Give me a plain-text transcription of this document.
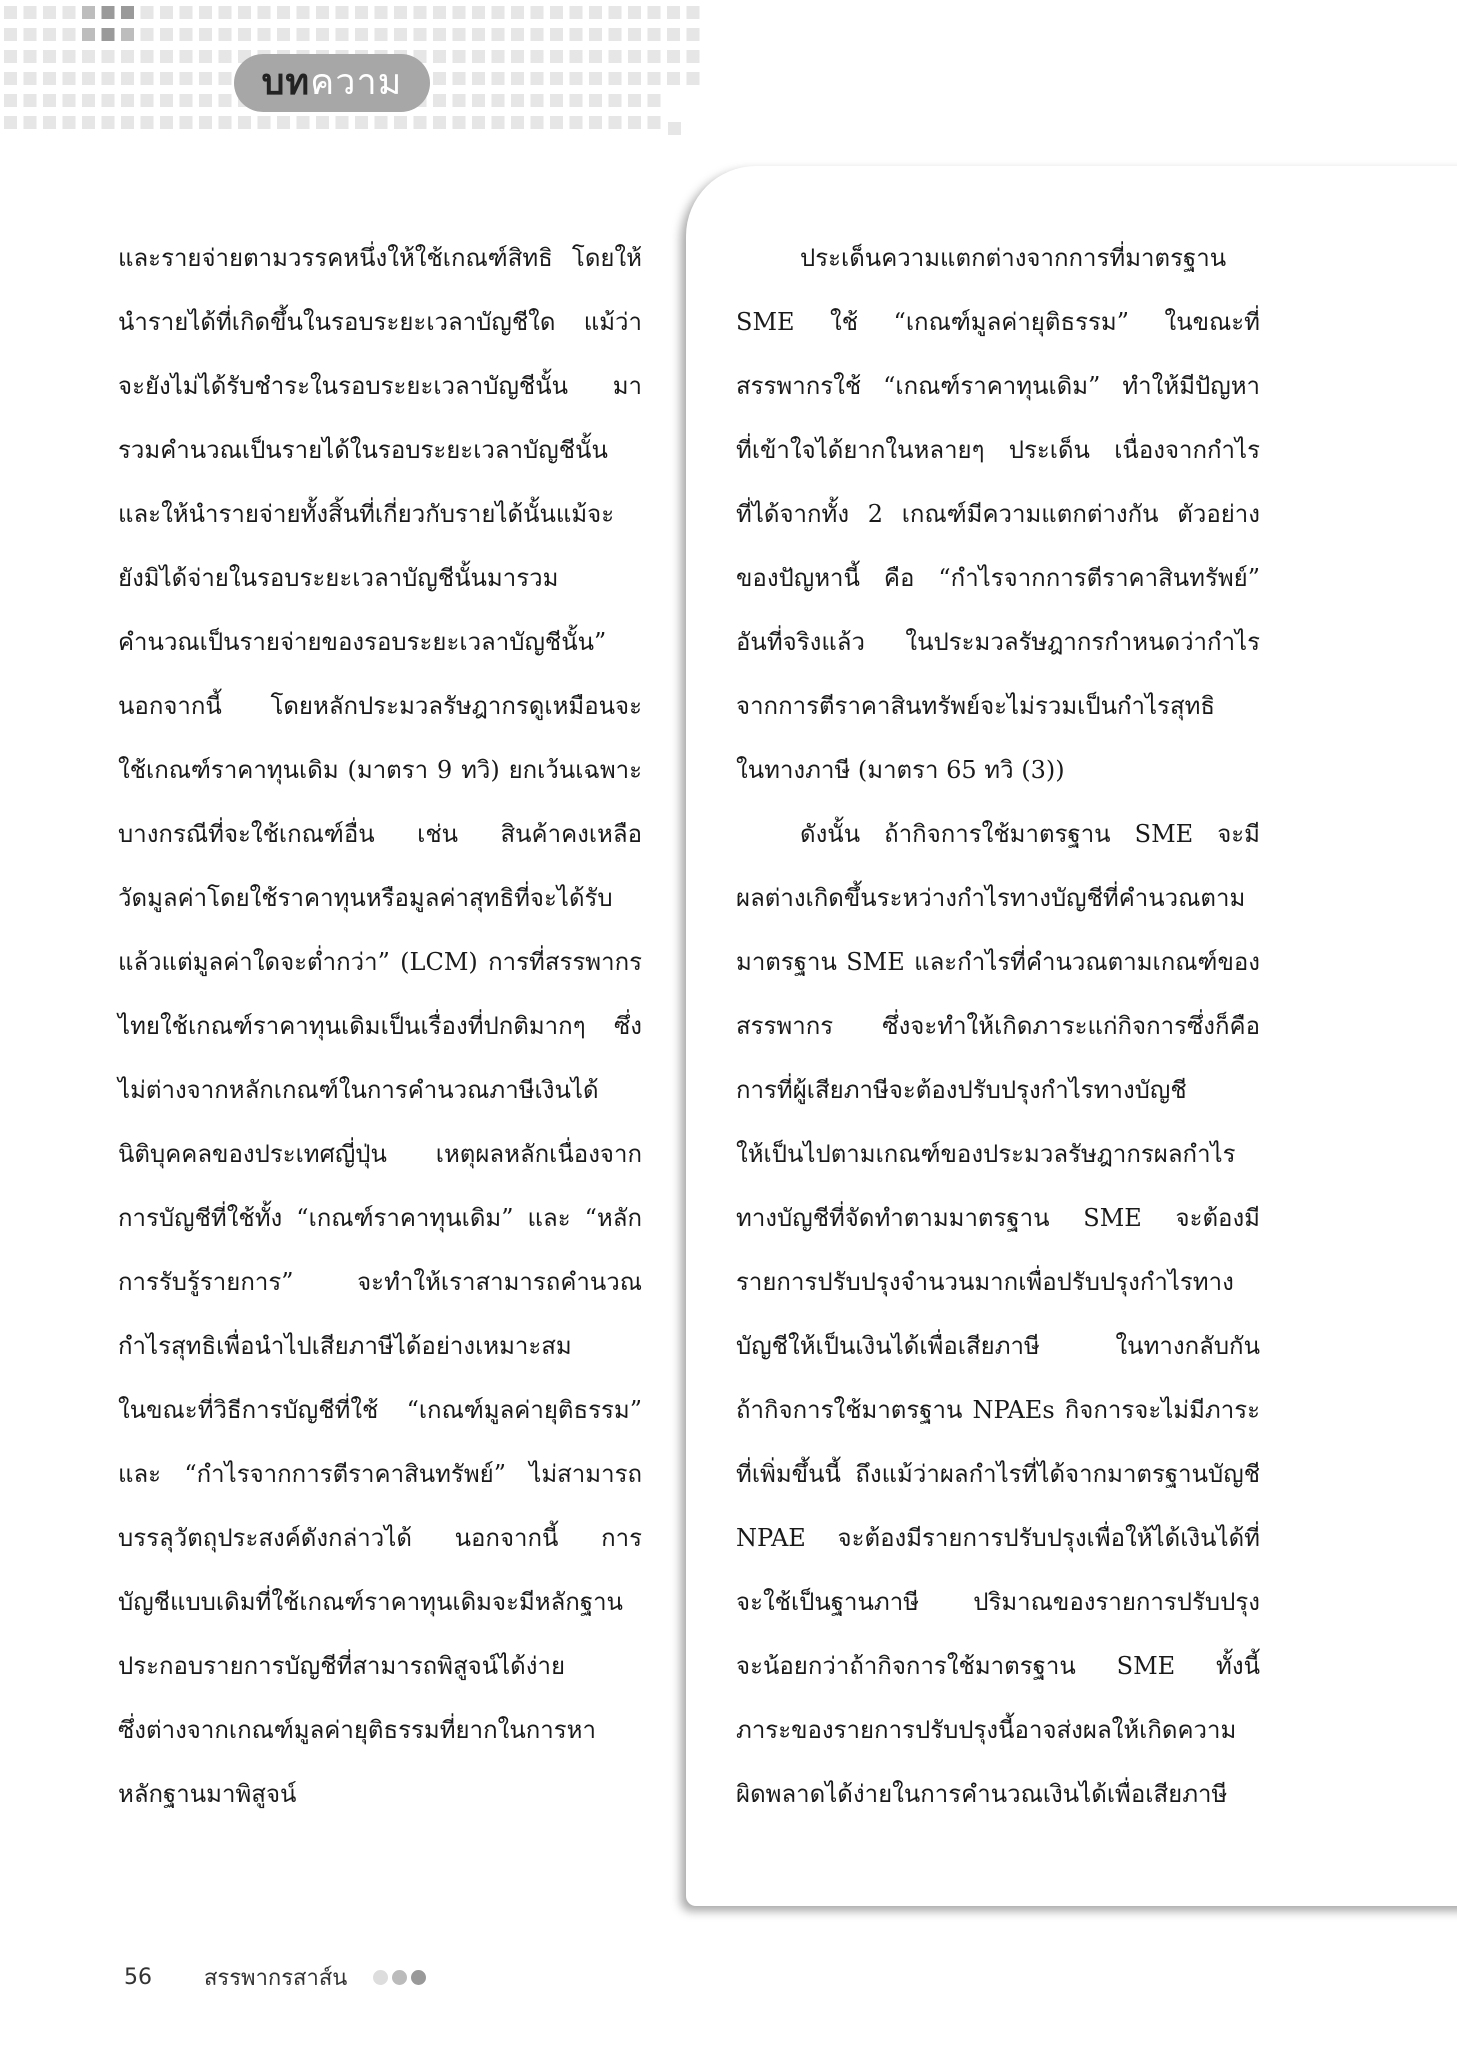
บทความ

และรายจ่ายตามวรรคหนึ่งให้ใช้เกณฑ์สิทธิ โดยให้

นำรายได้ที่เกิดขึ้นในรอบระยะเวลาบัญชีใด แม้ว่า

จะยังไม่ได้รับชำระในรอบระยะเวลาบัญชีนั้น มา

รวมคำนวณเป็นรายได้ในรอบระยะเวลาบัญชีนั้น

และให้นำรายจ่ายทั้งสิ้นที่เกี่ยวกับรายได้นั้นแม้จะ

ยังมิได้จ่ายในรอบระยะเวลาบัญชีนั้นมารวม

คำนวณเป็นรายจ่ายของรอบระยะเวลาบัญชีนั้น”

นอกจากนี้ โดยหลักประมวลรัษฎากรดูเหมือนจะ

ใช้เกณฑ์ราคาทุนเดิม (มาตรา 9 ทวิ) ยกเว้นเฉพาะ

บางกรณีที่จะใช้เกณฑ์อื่น เช่น สินค้าคงเหลือ

วัดมูลค่าโดยใช้ราคาทุนหรือมูลค่าสุทธิที่จะได้รับ

แล้วแต่มูลค่าใดจะต่ำกว่า” (LCM) การที่สรรพากร

ไทยใช้เกณฑ์ราคาทุนเดิมเป็นเรื่องที่ปกติมากๆ ซึ่ง

ไม่ต่างจากหลักเกณฑ์ในการคำนวณภาษีเงินได้

นิติบุคคลของประเทศญี่ปุ่น เหตุผลหลักเนื่องจาก

การบัญชีที่ใช้ทั้ง “เกณฑ์ราคาทุนเดิม” และ “หลัก

การรับรู้รายการ” จะทำให้เราสามารถคำนวณ

กำไรสุทธิเพื่อนำไปเสียภาษีได้อย่างเหมาะสม

ในขณะที่วิธีการบัญชีที่ใช้ “เกณฑ์มูลค่ายุติธรรม”

และ “กำไรจากการตีราคาสินทรัพย์” ไม่สามารถ

บรรลุวัตถุประสงค์ดังกล่าวได้ นอกจากนี้ การ

บัญชีแบบเดิมที่ใช้เกณฑ์ราคาทุนเดิมจะมีหลักฐาน

ประกอบรายการบัญชีที่สามารถพิสูจน์ได้ง่าย

ซึ่งต่างจากเกณฑ์มูลค่ายุติธรรมที่ยากในการหา

หลักฐานมาพิสูจน์

ประเด็นความแตกต่างจากการที่มาตรฐาน

SME ใช้ “เกณฑ์มูลค่ายุติธรรม” ในขณะที่

สรรพากรใช้ “เกณฑ์ราคาทุนเดิม” ทำให้มีปัญหา

ที่เข้าใจได้ยากในหลายๆ ประเด็น เนื่องจากกำไร

ที่ได้จากทั้ง 2 เกณฑ์มีความแตกต่างกัน ตัวอย่าง

ของปัญหานี้ คือ “กำไรจากการตีราคาสินทรัพย์”

อันที่จริงแล้ว ในประมวลรัษฎากรกำหนดว่ากำไร

จากการตีราคาสินทรัพย์จะไม่รวมเป็นกำไรสุทธิ

ในทางภาษี (มาตรา 65 ทวิ (3))

ดังนั้น ถ้ากิจการใช้มาตรฐาน SME จะมี

ผลต่างเกิดขึ้นระหว่างกำไรทางบัญชีที่คำนวณตาม

มาตรฐาน SME และกำไรที่คำนวณตามเกณฑ์ของ

สรรพากร ซึ่งจะทำให้เกิดภาระแก่กิจการซึ่งก็คือ

การที่ผู้เสียภาษีจะต้องปรับปรุงกำไรทางบัญชี

ให้เป็นไปตามเกณฑ์ของประมวลรัษฎากรผลกำไร

ทางบัญชีที่จัดทำตามมาตรฐาน SME จะต้องมี

รายการปรับปรุงจำนวนมากเพื่อปรับปรุงกำไรทาง

บัญชีให้เป็นเงินได้เพื่อเสียภาษี ในทางกลับกัน

ถ้ากิจการใช้มาตรฐาน NPAEs กิจการจะไม่มีภาระ

ที่เพิ่มขึ้นนี้ ถึงแม้ว่าผลกำไรที่ได้จากมาตรฐานบัญชี

NPAE จะต้องมีรายการปรับปรุงเพื่อให้ได้เงินได้ที่

จะใช้เป็นฐานภาษี ปริมาณของรายการปรับปรุง

จะน้อยกว่าถ้ากิจการใช้มาตรฐาน SME ทั้งนี้

ภาระของรายการปรับปรุงนี้อาจส่งผลให้เกิดความ

ผิดพลาดได้ง่ายในการคำนวณเงินได้เพื่อเสียภาษี

56	สรรพากรสาส์น
